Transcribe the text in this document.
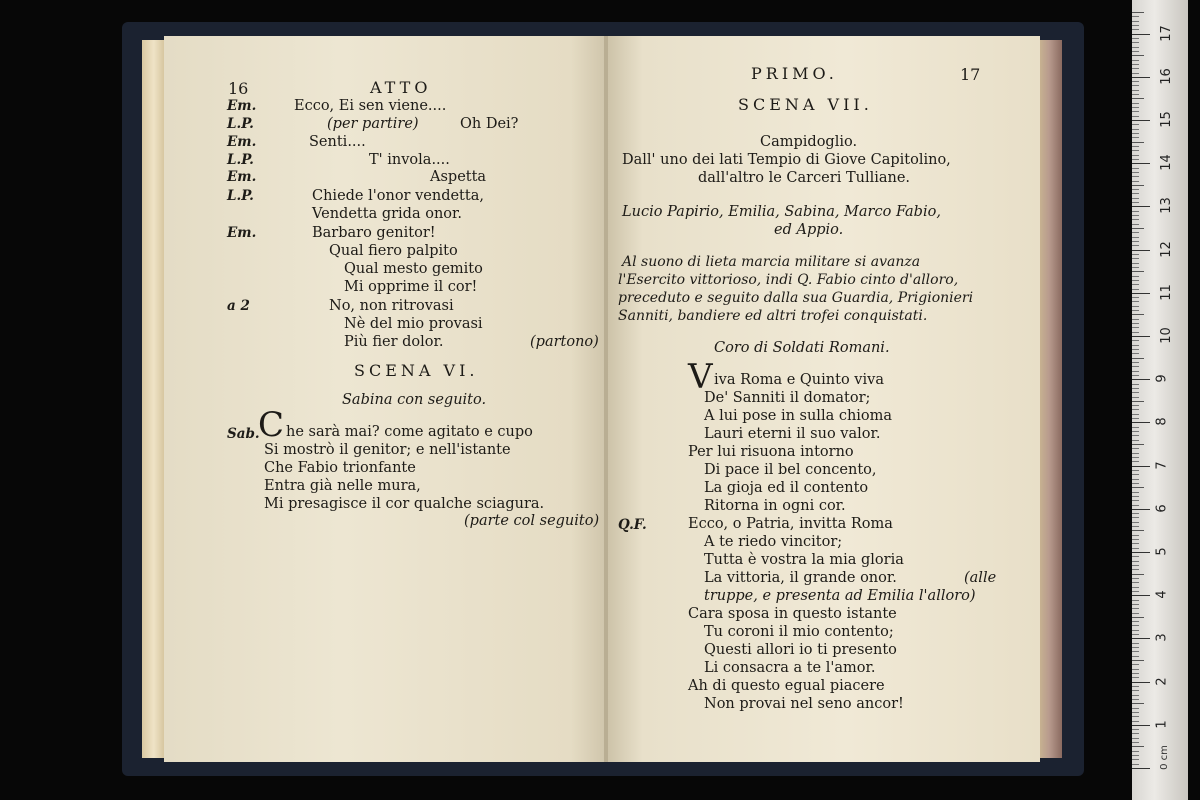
16	ATTO
Em.	Ecco, Ei sen viene....
L.P.	(per partire)	Oh Dei?
Em.	Senti....
L.P.	T' invola....
Em.	Aspetta
L.P.	Chiede l'onor vendetta,
Vendetta grida onor.
Em.	Barbaro genitor!
Qual fiero palpito
Qual mesto gemito
Mi opprime il cor!
a 2	No, non ritrovasi
Nè del mio provasi
Più fier dolor.	(partono)
SCENA VI.
Sabina con seguito.
Sab.
C he sarà mai? come agitato e cupo
Si mostrò il genitor; e nell'istante
Che Fabio trionfante
Entra già nelle mura,
Mi presagisce il cor qualche sciagura.
(parte col seguito)
PRIMO.	17
SCENA VII.
Campidoglio.
Dall' uno dei lati Tempio di Giove Capitolino,
dall'altro le Carceri Tulliane.
Lucio Papirio, Emilia, Sabina, Marco Fabio,
ed Appio.
Al suono di lieta marcia militare si avanza
l'Esercito vittorioso, indi Q. Fabio cinto d'alloro,
preceduto e seguito dalla sua Guardia, Prigionieri
Sanniti, bandiere ed altri trofei conquistati.
Coro di Soldati Romani.
V iva Roma e Quinto viva
De' Sanniti il domator;
A lui pose in sulla chioma
Lauri eterni il suo valor.
Per lui risuona intorno
Di pace il bel concento,
La gioja ed il contento
Ritorna in ogni cor.
Q.F.	Ecco, o Patria, invitta Roma
A te riedo vincitor;
Tutta è vostra la mia gloria
La vittoria, il grande onor.	(alle
truppe, e presenta ad Emilia l'alloro)
Cara sposa in questo istante
Tu coroni il mio contento;
Questi allori io ti presento
Li consacra a te l'amor.
Ah di questo egual piacere
Non provai nel seno ancor!
0 cm
1
2
3
4
5
6
7
8
9
10
11
12
13
14
15
16
17
